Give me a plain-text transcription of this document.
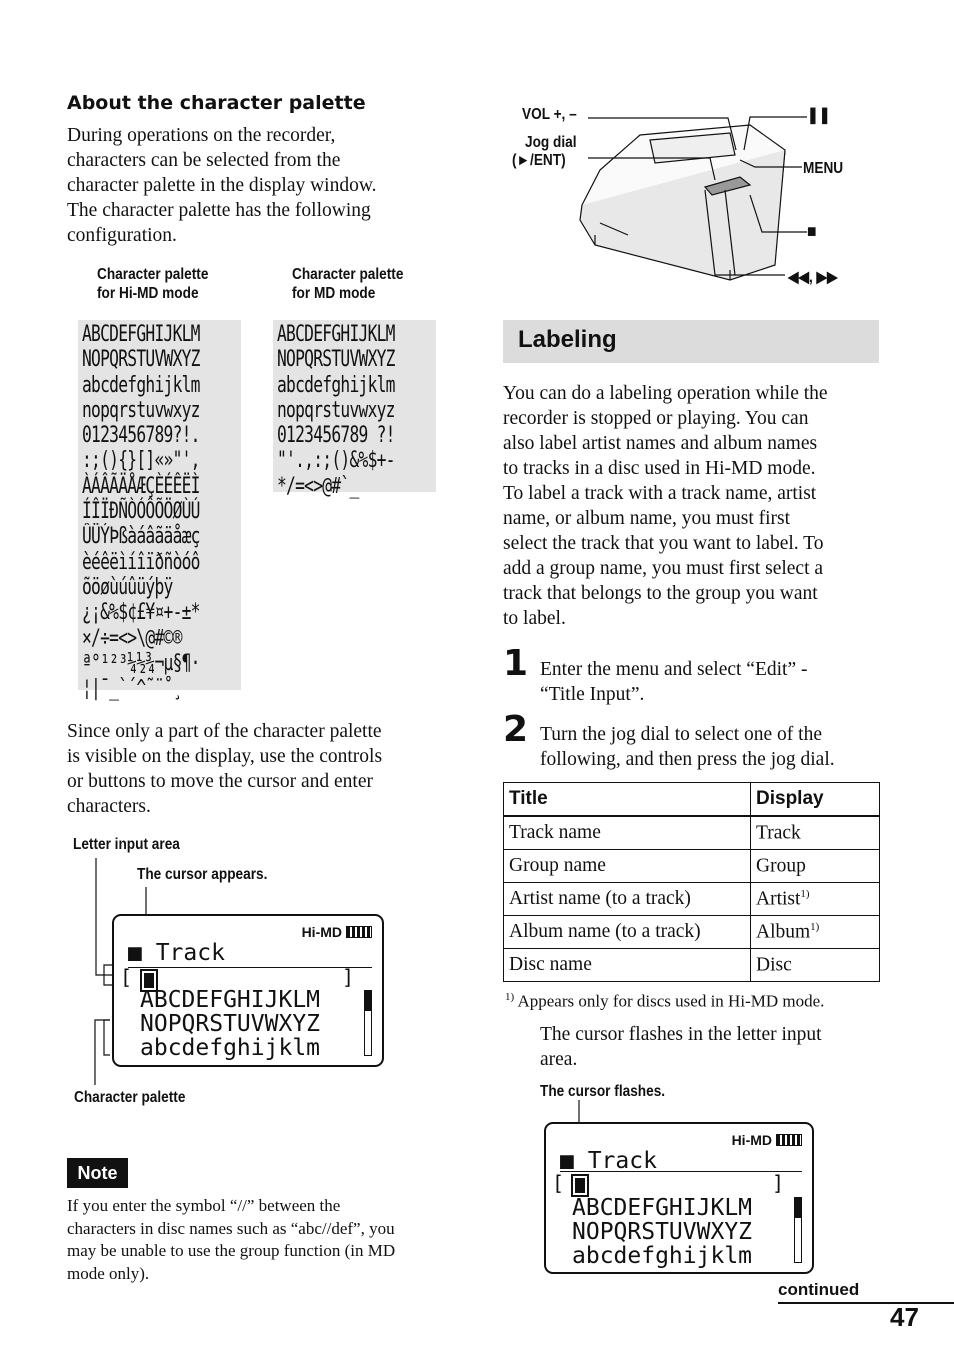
About the character palette
During operations on the recorder,
characters can be selected from the
character palette in the display window.
The character palette has the following
configuration.
Character palette
for Hi-MD mode
Character palette
for MD mode
ABCDEFGHIJKLM
NOPQRSTUVWXYZ
abcdefghijklm
nopqrstuvwxyz
0123456789?!.
:;(){}[]«»"',
ÀÁÂÃÄÅÆÇÈÉÊËÌ
ÍÎÏÐÑÒÓÔÕÖØÙÚ
ÛÜÝÞßàáâãäåæç
èéêëìíîïðñòóô
õöøùúûüýþÿ
¿¡&%$¢£¥¤+-±*
×/÷=<>\@#©®
ª°¹²³¼½¾¬µ§¶·
¦|¯_`´^˜¨˚¸
ABCDEFGHIJKLM
NOPQRSTUVWXYZ
abcdefghijklm
nopqrstuvwxyz
0123456789 ?!
"'.,:;()&%$+-
*/=<>@#`_
Since only a part of the character palette
is visible on the display, use the controls
or buttons to move the cursor and enter
characters.
Letter input area
The cursor appears.
Character palette
Hi-MD
■ Track
[	]
ABCDEFGHIJKLM
NOPQRSTUVWXYZ
abcdefghijklm
Note
If you enter the symbol “//” between the
characters in disc names such as “abc//def”, you
may be unable to use the group function (in MD
mode only).
VOL +, –
Jog dial
(►/ENT)
❚❚
MENU
■
◀◀, ▶▶
Labeling
You can do a labeling operation while the
recorder is stopped or playing. You can
also label artist names and album names
to tracks in a disc used in Hi-MD mode.
To label a track with a track name, artist
name, or album name, you must first
select the track that you want to label. To
add a group name, you must first select a
track that belongs to the group you want
to label.
1 Enter the menu and select “Edit” -
“Title Input”.
2 Turn the jog dial to select one of the
following, and then press the jog dial.
Title	Display
Track name	Track
Group name	Group
Artist name (to a track)	Artist$^{1)}$
Album name (to a track)	Album$^{1)}$
Disc name	Disc
$^{1)}$ Appears only for discs used in Hi-MD mode.
The cursor flashes in the letter input
area.
The cursor flashes.
Hi-MD
■ Track
[	]
ABCDEFGHIJKLM
NOPQRSTUVWXYZ
abcdefghijklm
continued
47
